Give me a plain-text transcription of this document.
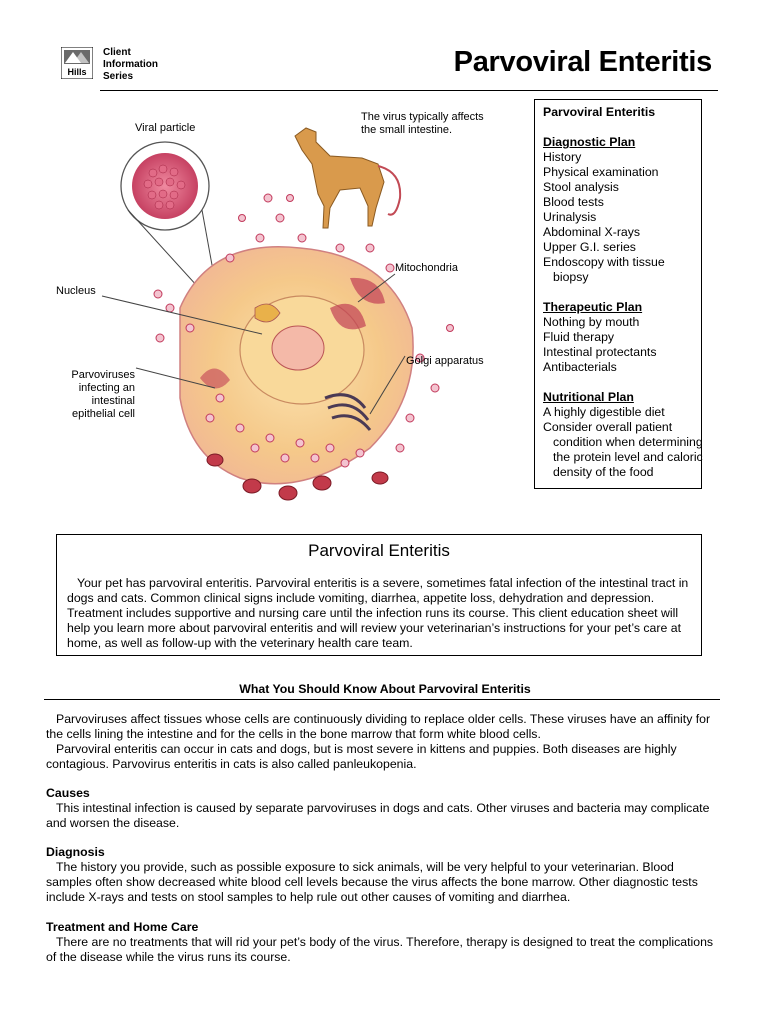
Hills
Client
Information
Series	Parvoviral Enteritis
Viral particle
The virus typically affects
the small intestine.
Mitochondria
Nucleus
Golgi apparatus
Parvoviruses
infecting an
intestinal
epithelial cell
Parvoviral Enteritis
Diagnostic Plan
History
Physical examination
Stool analysis
Blood tests
Urinalysis
Abdominal X-rays
Upper G.I. series
Endoscopy with tissue biopsy
Therapeutic Plan
Nothing by mouth
Fluid therapy
Intestinal protectants
Antibacterials
Nutritional Plan
A highly digestible diet
Consider overall patient condition when determining the protein level and caloric density of the food
Parvoviral Enteritis

Your pet has parvoviral enteritis. Parvoviral enteritis is a severe, sometimes fatal infection of the intestinal tract in dogs and cats. Common clinical signs include vomiting, diarrhea, appetite loss, dehydration and depression. Treatment includes supportive and nursing care until the infection runs its course. This client education sheet will help you learn more about parvoviral enteritis and will review your veterinarian’s instructions for your pet’s care at home, as well as follow-up with the veterinary health care team.

What You Should Know About Parvoviral Enteritis

Parvoviruses affect tissues whose cells are continuously dividing to replace older cells. These viruses have an affinity for the cells lining the intestine and for the cells in the bone marrow that form white blood cells.

Parvoviral enteritis can occur in cats and dogs, but is most severe in kittens and puppies. Both diseases are highly contagious. Parvovirus enteritis in cats is also called panleukopenia.

Causes

This intestinal infection is caused by separate parvoviruses in dogs and cats. Other viruses and bacteria may complicate and worsen the disease.

Diagnosis

The history you provide, such as possible exposure to sick animals, will be very helpful to your veterinarian. Blood samples often show decreased white blood cell levels because the virus affects the bone marrow. Other diagnostic tests include X-rays and tests on stool samples to help rule out other causes of vomiting and diarrhea.

Treatment and Home Care

There are no treatments that will rid your pet’s body of the virus. Therefore, therapy is designed to treat the complications of the disease while the virus runs its course.
